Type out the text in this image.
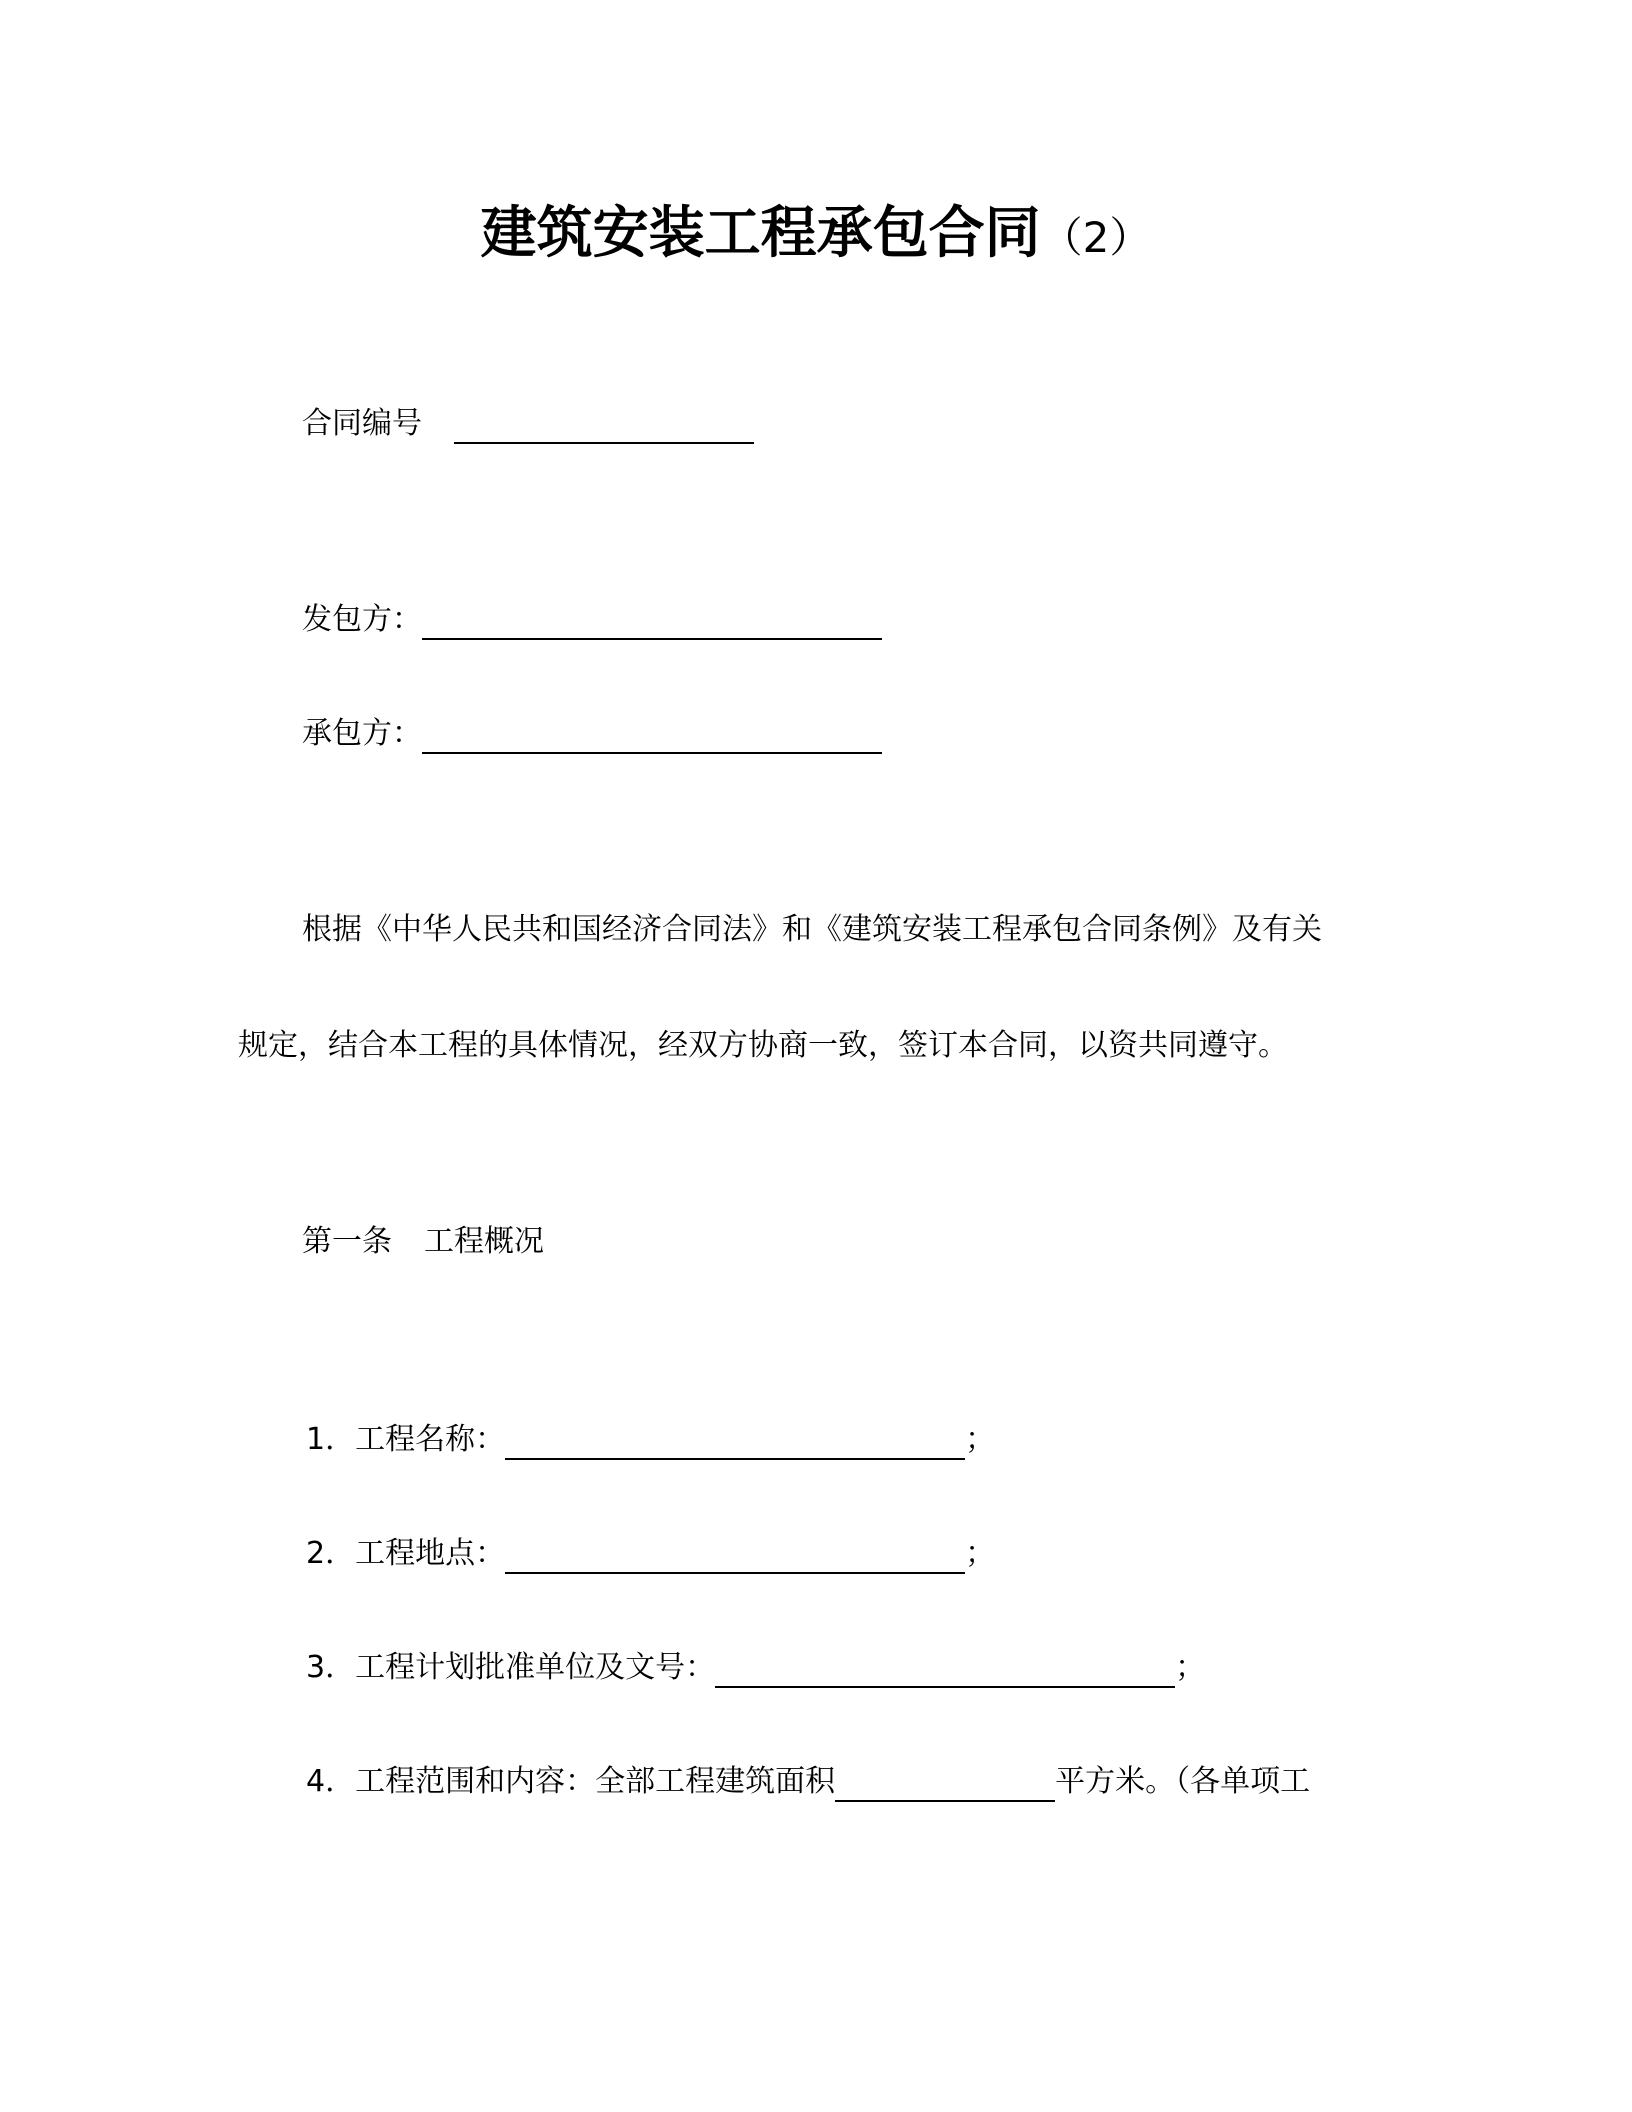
建筑安装工程承包合同（2）
合同编号
发包方：
承包方：
根据《中华人民共和国经济合同法》和《建筑安装工程承包合同条例》及有关
规定，结合本工程的具体情况，经双方协商一致，签订本合同，以资共同遵守。
第一条 工程概况
1．工程名称：	；
2．工程地点：	；
3．工程计划批准单位及文号：	；
4．工程范围和内容：全部工程建筑面积	平方米。（各单项工
